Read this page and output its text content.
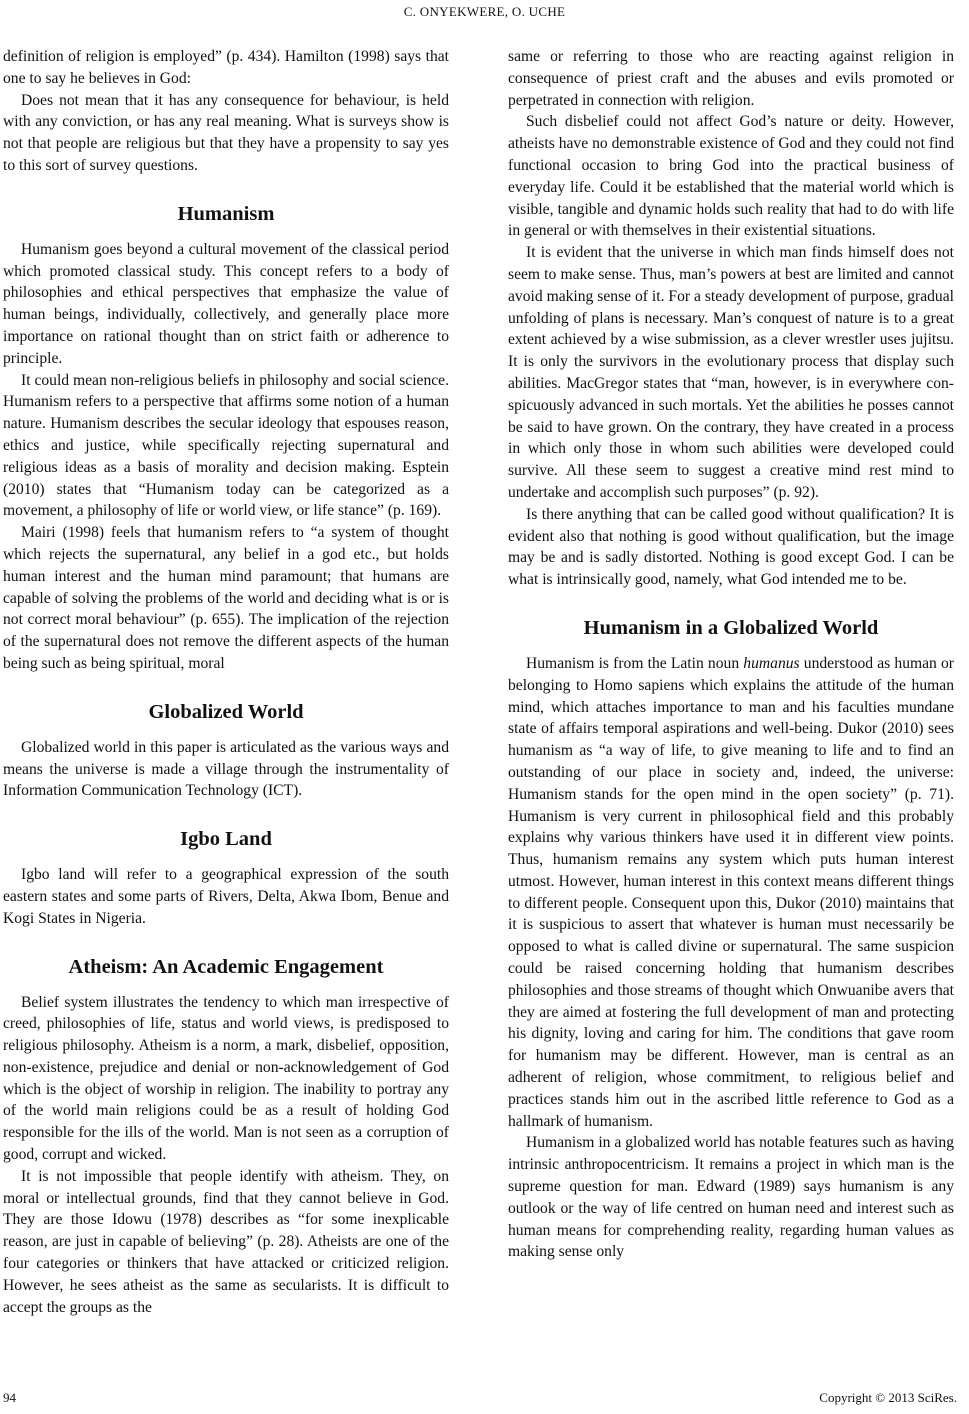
C. ONYEKWERE, O. UCHE

definition of religion is employed” (p. 434). Hamilton (1998) says that one to say he believes in God:

Does not mean that it has any consequence for behaviour, is held with any conviction, or has any real meaning. What is surveys show is not that people are religious but that they have a propensity to say yes to this sort of survey questions.

Humanism

Humanism goes beyond a cultural movement of the classical period which promoted classical study. This concept refers to a body of philosophies and ethical perspectives that emphasize the value of human beings, individually, collectively, and generally place more importance on rational thought than on strict faith or adherence to principle.

It could mean non-religious beliefs in philosophy and social science. Humanism refers to a perspective that affirms some notion of a human nature. Humanism describes the secular ideology that espouses reason, ethics and justice, while specifically rejecting supernatural and religious ideas as a basis of morality and decision making. Esptein (2010) states that “Humanism today can be categorized as a movement, a philosophy of life or world view, or life stance” (p. 169).

Mairi (1998) feels that humanism refers to “a system of thought which rejects the supernatural, any belief in a god etc., but holds human interest and the human mind paramount; that humans are capable of solving the problems of the world and deciding what is or is not correct moral behaviour” (p. 655). The implication of the rejection of the supernatural does not remove the different aspects of the human being such as being spiritual, moral

Globalized World

Globalized world in this paper is articulated as the various ways and means the universe is made a village through the instrumentality of Information Communication Technology (ICT).

Igbo Land

Igbo land will refer to a geographical expression of the south eastern states and some parts of Rivers, Delta, Akwa Ibom, Benue and Kogi States in Nigeria.

Atheism: An Academic Engagement

Belief system illustrates the tendency to which man irrespective of creed, philosophies of life, status and world views, is predisposed to religious philosophy. Atheism is a norm, a mark, disbelief, opposition, non-existence, prejudice and denial or non-acknowledgement of God which is the object of worship in religion. The inability to portray any of the world main religions could be as a result of holding God responsible for the ills of the world. Man is not seen as a corruption of good, corrupt and wicked.

It is not impossible that people identify with atheism. They, on moral or intellectual grounds, find that they cannot believe in God. They are those Idowu (1978) describes as “for some inexplicable reason, are just in capable of believing” (p. 28). Atheists are one of the four categories or thinkers that have attacked or criticized religion. However, he sees atheist as the same as secularists. It is difficult to accept the groups as the

same or referring to those who are reacting against religion in consequence of priest craft and the abuses and evils promoted or perpetrated in connection with religion.

Such disbelief could not affect God’s nature or deity. However, atheists have no demonstrable existence of God and they could not find functional occasion to bring God into the practical business of everyday life. Could it be established that the material world which is visible, tangible and dynamic holds such reality that had to do with life in general or with themselves in their existential situations.

It is evident that the universe in which man finds himself does not seem to make sense. Thus, man’s powers at best are limited and cannot avoid making sense of it. For a steady development of purpose, gradual unfolding of plans is necessary. Man’s conquest of nature is to a great extent achieved by a wise submission, as a clever wrestler uses jujitsu. It is only the survivors in the evolutionary process that display such abilities. MacGregor states that “man, however, is in everywhere conspicuously advanced in such mortals. Yet the abilities he posses cannot be said to have grown. On the contrary, they have created in a process in which only those in whom such abilities were developed could survive. All these seem to suggest a creative mind rest mind to undertake and accomplish such purposes” (p. 92).

Is there anything that can be called good without qualification? It is evident also that nothing is good without qualification, but the image may be and is sadly distorted. Nothing is good except God. I can be what is intrinsically good, namely, what God intended me to be.

Humanism in a Globalized World

Humanism is from the Latin noun humanus understood as human or belonging to Homo sapiens which explains the attitude of the human mind, which attaches importance to man and his faculties mundane state of affairs temporal aspirations and well-being. Dukor (2010) sees humanism as “a way of life, to give meaning to life and to find an outstanding of our place in society and, indeed, the universe: Humanism stands for the open mind in the open society” (p. 71). Humanism is very current in philosophical field and this probably explains why various thinkers have used it in different view points. Thus, humanism remains any system which puts human interest utmost. However, human interest in this context means different things to different people. Consequent upon this, Dukor (2010) maintains that it is suspicious to assert that whatever is human must necessarily be opposed to what is called divine or supernatural. The same suspicion could be raised concerning holding that humanism describes philosophies and those streams of thought which Onwuanibe avers that they are aimed at fostering the full development of man and protecting his dignity, loving and caring for him. The conditions that gave room for humanism may be different. However, man is central as an adherent of religion, whose commitment, to religious belief and practices stands him out in the ascribed little reference to God as a hallmark of humanism.

Humanism in a globalized world has notable features such as having intrinsic anthropocentricism. It remains a project in which man is the supreme question for man. Edward (1989) says humanism is any outlook or the way of life centred on human need and interest such as human means for comprehending reality, regarding human values as making sense only

94	Copyright © 2013 SciRes.
